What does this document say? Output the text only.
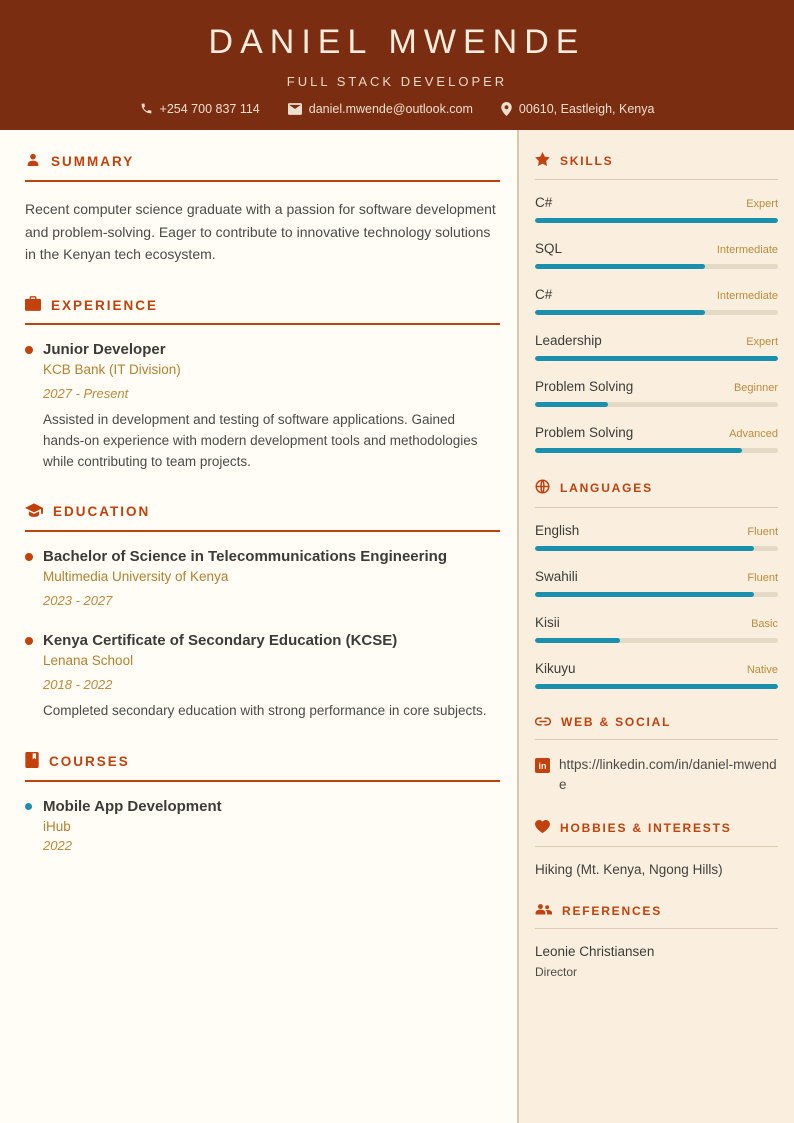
DANIEL MWENDE
FULL STACK DEVELOPER
+254 700 837 114	daniel.mwende@outlook.com	00610, Eastleigh, Kenya
SUMMARY

Recent computer science graduate with a passion for software development and problem-solving. Eager to contribute to innovative technology solutions in the Kenyan tech ecosystem.

EXPERIENCE
Junior Developer
KCB Bank (IT Division)
2027 - Present
Assisted in development and testing of software applications. Gained hands-on experience with modern development tools and methodologies while contributing to team projects.
EDUCATION
Bachelor of Science in Telecommunications Engineering
Multimedia University of Kenya
2023 - 2027
Kenya Certificate of Secondary Education (KCSE)
Lenana School
2018 - 2022
Completed secondary education with strong performance in core subjects.
COURSES
Mobile App Development
iHub
2022
SKILLS
C#	Expert
SQL	Intermediate
C#	Intermediate
Leadership	Expert
Problem Solving	Beginner
Problem Solving	Advanced
LANGUAGES
English	Fluent
Swahili	Fluent
Kisii	Basic
Kikuyu	Native
WEB & SOCIAL
in https://linkedin.com/in/daniel-mwende
HOBBIES & INTERESTS
Hiking (Mt. Kenya, Ngong Hills)
REFERENCES
Leonie Christiansen
Director
